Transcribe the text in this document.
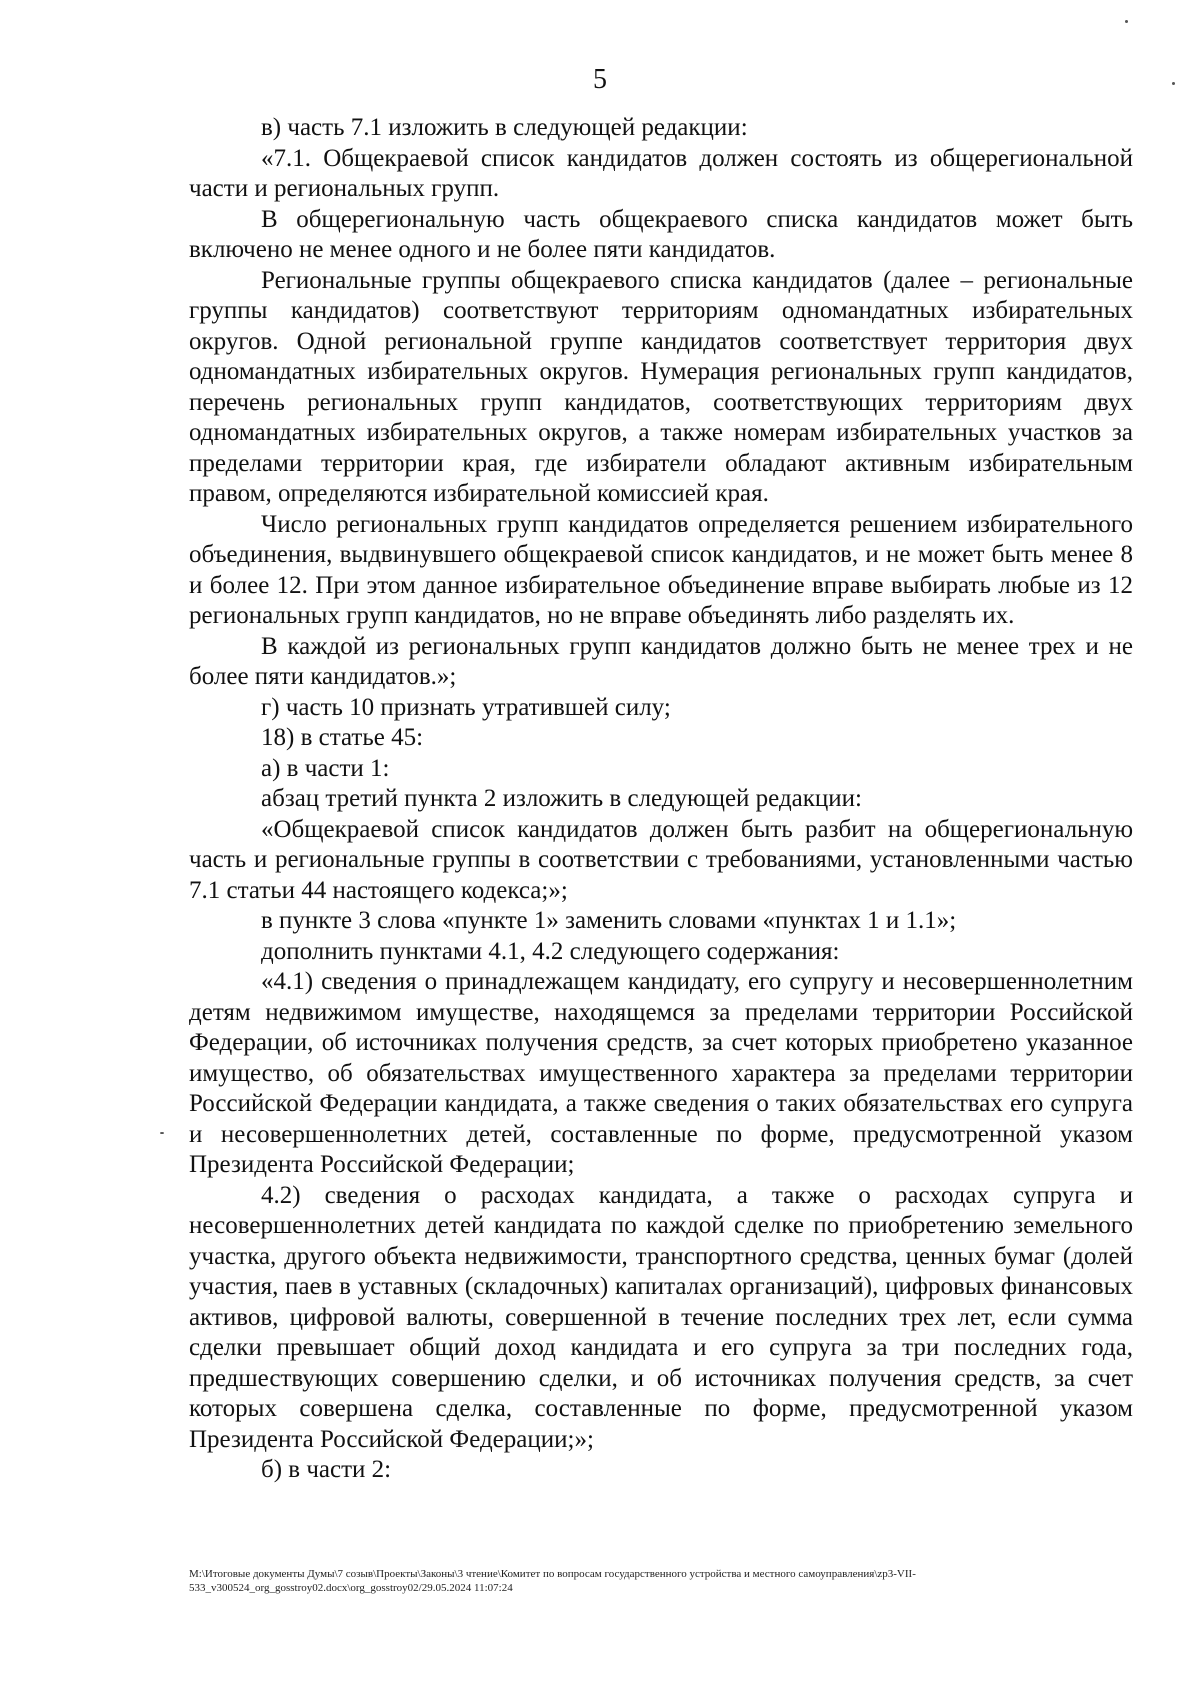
5

в) часть 7.1 изложить в следующей редакции:

«7.1. Общекраевой список кандидатов должен состоять из общерегиональной части и региональных групп.

В общерегиональную часть общекраевого списка кандидатов может быть включено не менее одного и не более пяти кандидатов.

Региональные группы общекраевого списка кандидатов (далее – региональные группы кандидатов) соответствуют территориям одномандатных избирательных округов. Одной региональной группе кандидатов соответствует территория двух одномандатных избирательных округов. Нумерация региональных групп кандидатов, перечень региональных групп кандидатов, соответствующих территориям двух одномандатных избирательных округов, а также номерам избирательных участков за пределами территории края, где избиратели обладают активным избирательным правом, определяются избирательной комиссией края.

Число региональных групп кандидатов определяется решением избирательного объединения, выдвинувшего общекраевой список кандидатов, и не может быть менее 8 и более 12. При этом данное избирательное объединение вправе выбирать любые из 12 региональных групп кандидатов, но не вправе объединять либо разделять их.

В каждой из региональных групп кандидатов должно быть не менее трех и не более пяти кандидатов.»;

г) часть 10 признать утратившей силу;

18) в статье 45:

а) в части 1:

абзац третий пункта 2 изложить в следующей редакции:

«Общекраевой список кандидатов должен быть разбит на общерегиональную часть и региональные группы в соответствии с требованиями, установленными частью 7.1 статьи 44 настоящего кодекса;»;

в пункте 3 слова «пункте 1» заменить словами «пунктах 1 и 1.1»;

дополнить пунктами 4.1, 4.2 следующего содержания:

«4.1) сведения о принадлежащем кандидату, его супругу и несовершеннолетним детям недвижимом имуществе, находящемся за пределами территории Российской Федерации, об источниках получения средств, за счет которых приобретено указанное имущество, об обязательствах имущественного характера за пределами территории Российской Федерации кандидата, а также сведения о таких обязательствах его супруга и несовершеннолетних детей, составленные по форме, предусмотренной указом Президента Российской Федерации;

4.2) сведения о расходах кандидата, а также о расходах супруга и несовершеннолетних детей кандидата по каждой сделке по приобретению земельного участка, другого объекта недвижимости, транспортного средства, ценных бумаг (долей участия, паев в уставных (складочных) капиталах организаций), цифровых финансовых активов, цифровой валюты, совершенной в течение последних трех лет, если сумма сделки превышает общий доход кандидата и его супруга за три последних года, предшествующих совершению сделки, и об источниках получения средств, за счет которых совершена сделка, составленные по форме, предусмотренной указом Президента Российской Федерации;»;

б) в части 2:

М:\Итоговые документы Думы\7 созыв\Проекты\Законы\3 чтение\Комитет по вопросам государственного устройства и местного самоуправления\zp3-VII-533_v300524_org_gosstroy02.docx\org_gosstroy02/29.05.2024 11:07:24
